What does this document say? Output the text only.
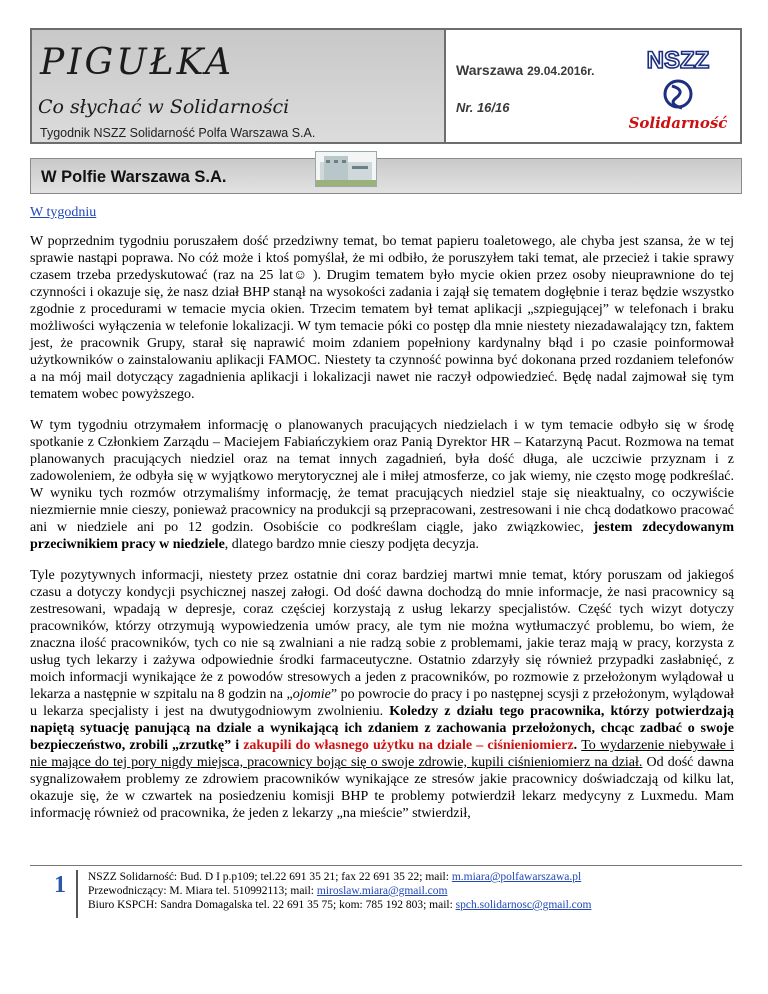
PIGUŁKA
Co słychać w Solidarności
Tygodnik NSZZ Solidarność Polfa Warszawa S.A.
Warszawa 29.04.2016r.
Nr. 16/16
NSZZ
Solidarność
W Polfie Warszawa S.A.
W tygodniu

W poprzednim tygodniu poruszałem dość przedziwny temat, bo temat papieru toaletowego, ale chyba jest szansa, że w tej sprawie nastąpi poprawa. No cóż może i ktoś pomyślał, że mi odbiło, że poruszyłem taki temat, ale przecież i takie sprawy czasem trzeba przedyskutować (raz na 25 lat☺ ). Drugim tematem było mycie okien przez osoby nieuprawnione do tej czynności i okazuje się, że nasz dział BHP stanął na wysokości zadania i zajął się tematem dogłębnie i teraz będzie wszystko zgodnie z procedurami w temacie mycia okien. Trzecim tematem był temat aplikacji „szpiegującej” w telefonach i braku możliwości wyłączenia w telefonie lokalizacji. W tym temacie póki co postęp dla mnie niestety niezadawalający tzn, faktem jest, że pracownik Grupy, starał się naprawić moim zdaniem popełniony kardynalny błąd i po czasie poinformował użytkowników o zainstalowaniu aplikacji FAMOC. Niestety ta czynność powinna być dokonana przed rozdaniem telefonów a na mój mail dotyczący zagadnienia aplikacji i lokalizacji nawet nie raczył odpowiedzieć. Będę nadal zajmował się tym tematem wobec powyższego.

W tym tygodniu otrzymałem informację o planowanych pracujących niedzielach i w tym temacie odbyło się w środę spotkanie z Członkiem Zarządu – Maciejem Fabiańczykiem oraz Panią Dyrektor HR – Katarzyną Pacut. Rozmowa na temat planowanych pracujących niedziel oraz na temat innych zagadnień, była dość długa, ale uczciwie przyznam i z zadowoleniem, że odbyła się w wyjątkowo merytorycznej ale i miłej atmosferze, co jak wiemy, nie często mogę podkreślać. W wyniku tych rozmów otrzymaliśmy informację, że temat pracujących niedziel staje się nieaktualny, co oczywiście niezmiernie mnie cieszy, ponieważ pracownicy na produkcji są przepracowani, zestresowani i nie chcą dodatkowo pracować ani w niedziele ani po 12 godzin. Osobiście co podkreślam ciągle, jako związkowiec, jestem zdecydowanym przeciwnikiem pracy w niedziele, dlatego bardzo mnie cieszy podjęta decyzja.

Tyle pozytywnych informacji, niestety przez ostatnie dni coraz bardziej martwi mnie temat, który poruszam od jakiegoś czasu a dotyczy kondycji psychicznej naszej załogi. Od dość dawna dochodzą do mnie informacje, że nasi pracownicy są zestresowani, wpadają w depresje, coraz częściej korzystają z usług lekarzy specjalistów. Część tych wizyt dotyczy pracowników, którzy otrzymują wypowiedzenia umów pracy, ale tym nie można wytłumaczyć problemu, bo wiem, że znaczna ilość pracowników, tych co nie są zwalniani a nie radzą sobie z problemami, jakie teraz mają w pracy, korzysta z usług tych lekarzy i zażywa odpowiednie środki farmaceutyczne. Ostatnio zdarzyły się również przypadki zasłabnięć, z moich informacji wynikające że z powodów stresowych a jeden z pracowników, po rozmowie z przełożonym wylądował u lekarza a następnie w szpitalu na 8 godzin na „ojomie” po powrocie do pracy i po następnej scysji z przełożonym, wylądował u lekarza specjalisty i jest na dwutygodniowym zwolnieniu. Koledzy z działu tego pracownika, którzy potwierdzają napiętą sytuację panującą na dziale a wynikającą ich zdaniem z zachowania przełożonych, chcąc zadbać o swoje bezpieczeństwo, zrobili „zrzutkę” i zakupili do własnego użytku na dziale – ciśnieniomierz. To wydarzenie niebywałe i nie mające do tej pory nigdy miejsca, pracownicy bojąc się o swoje zdrowie, kupili ciśnieniomierz na dział. Od dość dawna sygnalizowałem problemy ze zdrowiem pracowników wynikające ze stresów jakie pracownicy doświadczają od kilku lat, okazuje się, że w czwartek na posiedzeniu komisji BHP te problemy potwierdził lekarz medycyny z Luxmedu. Mam informację również od pracownika, że jeden z lekarzy „na mieście” stwierdził,

1	NSZZ Solidarność: Bud. D I p.p109; tel.22 691 35 21; fax 22 691 35 22; mail: m.miara@polfawarszawa.pl
Przewodniczący: M. Miara tel. 510992113; mail: miroslaw.miara@gmail.com
Biuro KSPCH: Sandra Domagalska tel. 22 691 35 75; kom: 785 192 803; mail: spch.solidarnosc@gmail.com
